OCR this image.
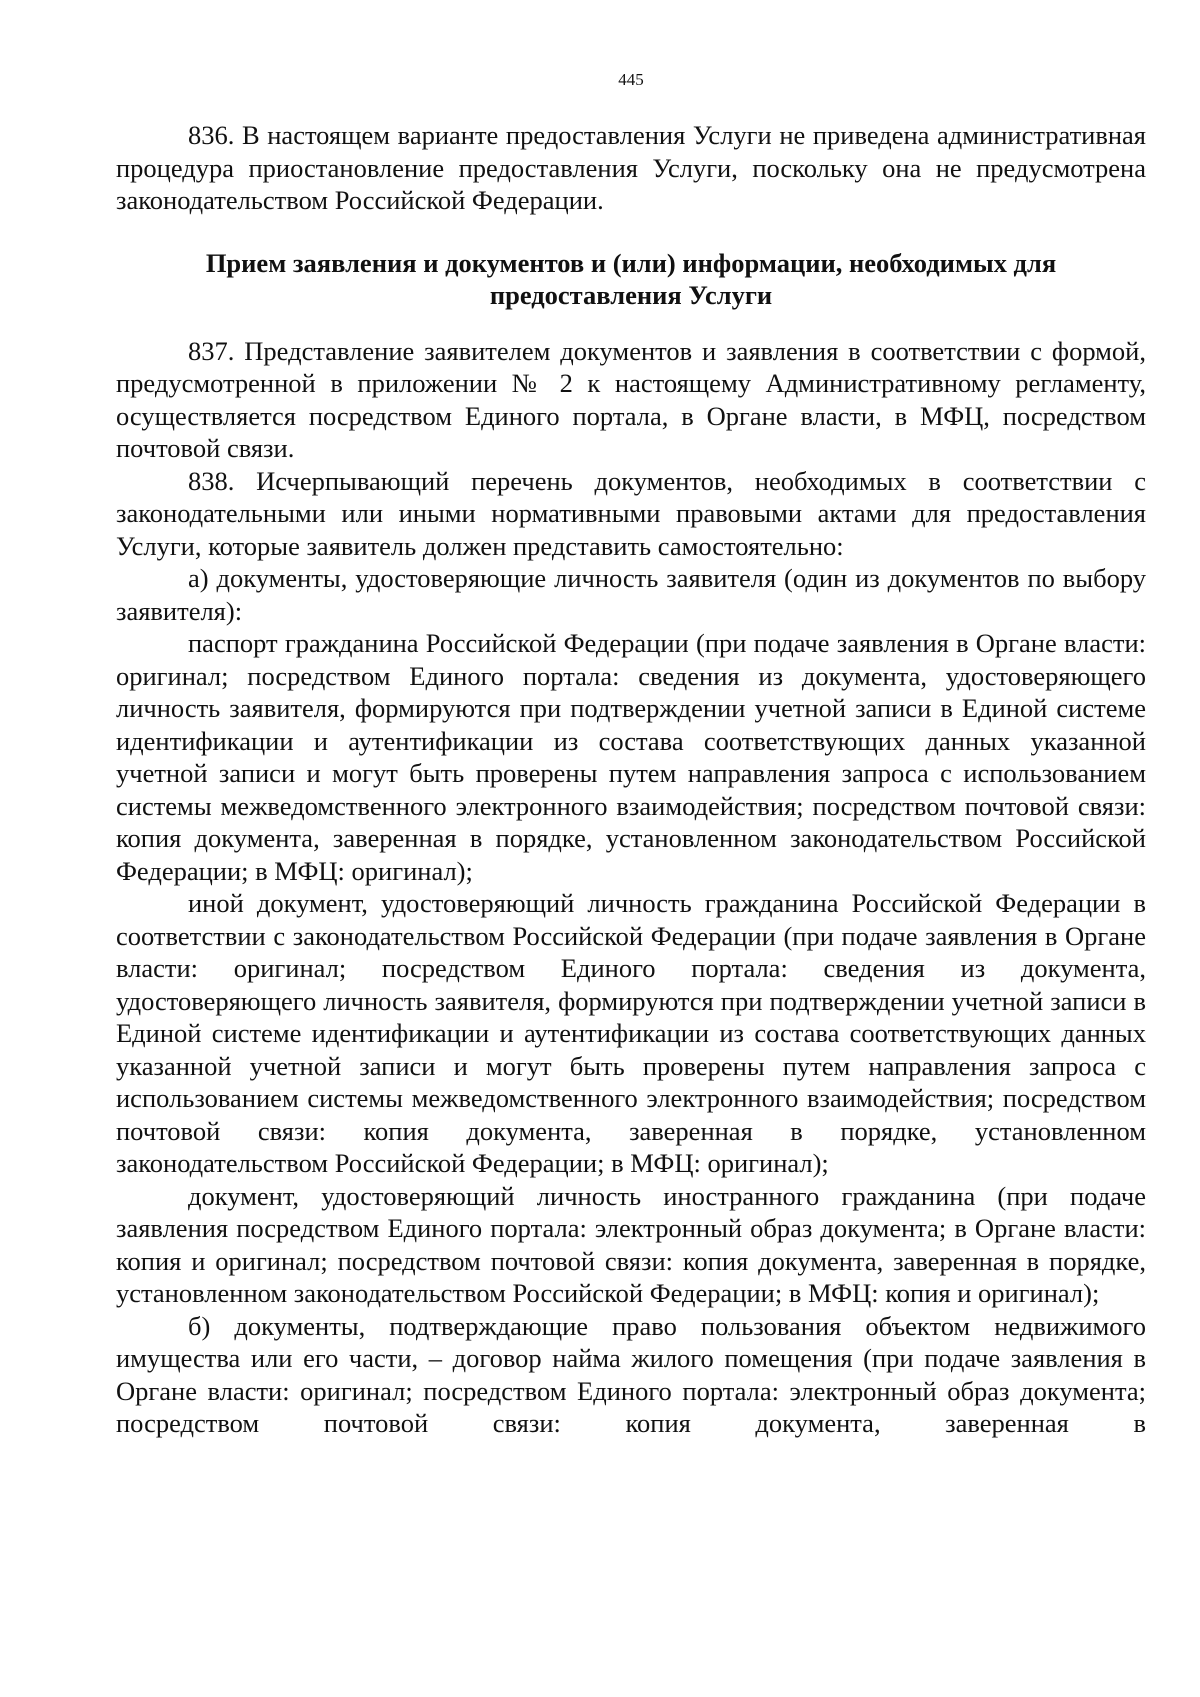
445

836. В настоящем варианте предоставления Услуги не приведена административная процедура приостановление предоставления Услуги, поскольку она не предусмотрена законодательством Российской Федерации.

Прием заявления и документов и (или) информации, необходимых для предоставления Услуги

837. Представление заявителем документов и заявления в соответствии с формой, предусмотренной в приложении № 2 к настоящему Административному регламенту, осуществляется посредством Единого портала, в Органе власти, в МФЦ, посредством почтовой связи.

838. Исчерпывающий перечень документов, необходимых в соответствии с законодательными или иными нормативными правовыми актами для предоставления Услуги, которые заявитель должен представить самостоятельно:

а) документы, удостоверяющие личность заявителя (один из документов по выбору заявителя):

паспорт гражданина Российской Федерации (при подаче заявления в Органе власти: оригинал; посредством Единого портала: сведения из документа, удостоверяющего личность заявителя, формируются при подтверждении учетной записи в Единой системе идентификации и аутентификации из состава соответствующих данных указанной учетной записи и могут быть проверены путем направления запроса с использованием системы межведомственного электронного взаимодействия; посредством почтовой связи: копия документа, заверенная в порядке, установленном законодательством Российской Федерации; в МФЦ: оригинал);

иной документ, удостоверяющий личность гражданина Российской Федерации в соответствии с законодательством Российской Федерации (при подаче заявления в Органе власти: оригинал; посредством Единого портала: сведения из документа, удостоверяющего личность заявителя, формируются при подтверждении учетной записи в Единой системе идентификации и аутентификации из состава соответствующих данных указанной учетной записи и могут быть проверены путем направления запроса с использованием системы межведомственного электронного взаимодействия; посредством почтовой связи: копия документа, заверенная в порядке, установленном законодательством Российской Федерации; в МФЦ: оригинал);

документ, удостоверяющий личность иностранного гражданина (при подаче заявления посредством Единого портала: электронный образ документа; в Органе власти: копия и оригинал; посредством почтовой связи: копия документа, заверенная в порядке, установленном законодательством Российской Федерации; в МФЦ: копия и оригинал);

б) документы, подтверждающие право пользования объектом недвижимого имущества или его части, – договор найма жилого помещения (при подаче заявления в Органе власти: оригинал; посредством Единого портала: электронный образ документа; посредством почтовой связи: копия документа, заверенная в
